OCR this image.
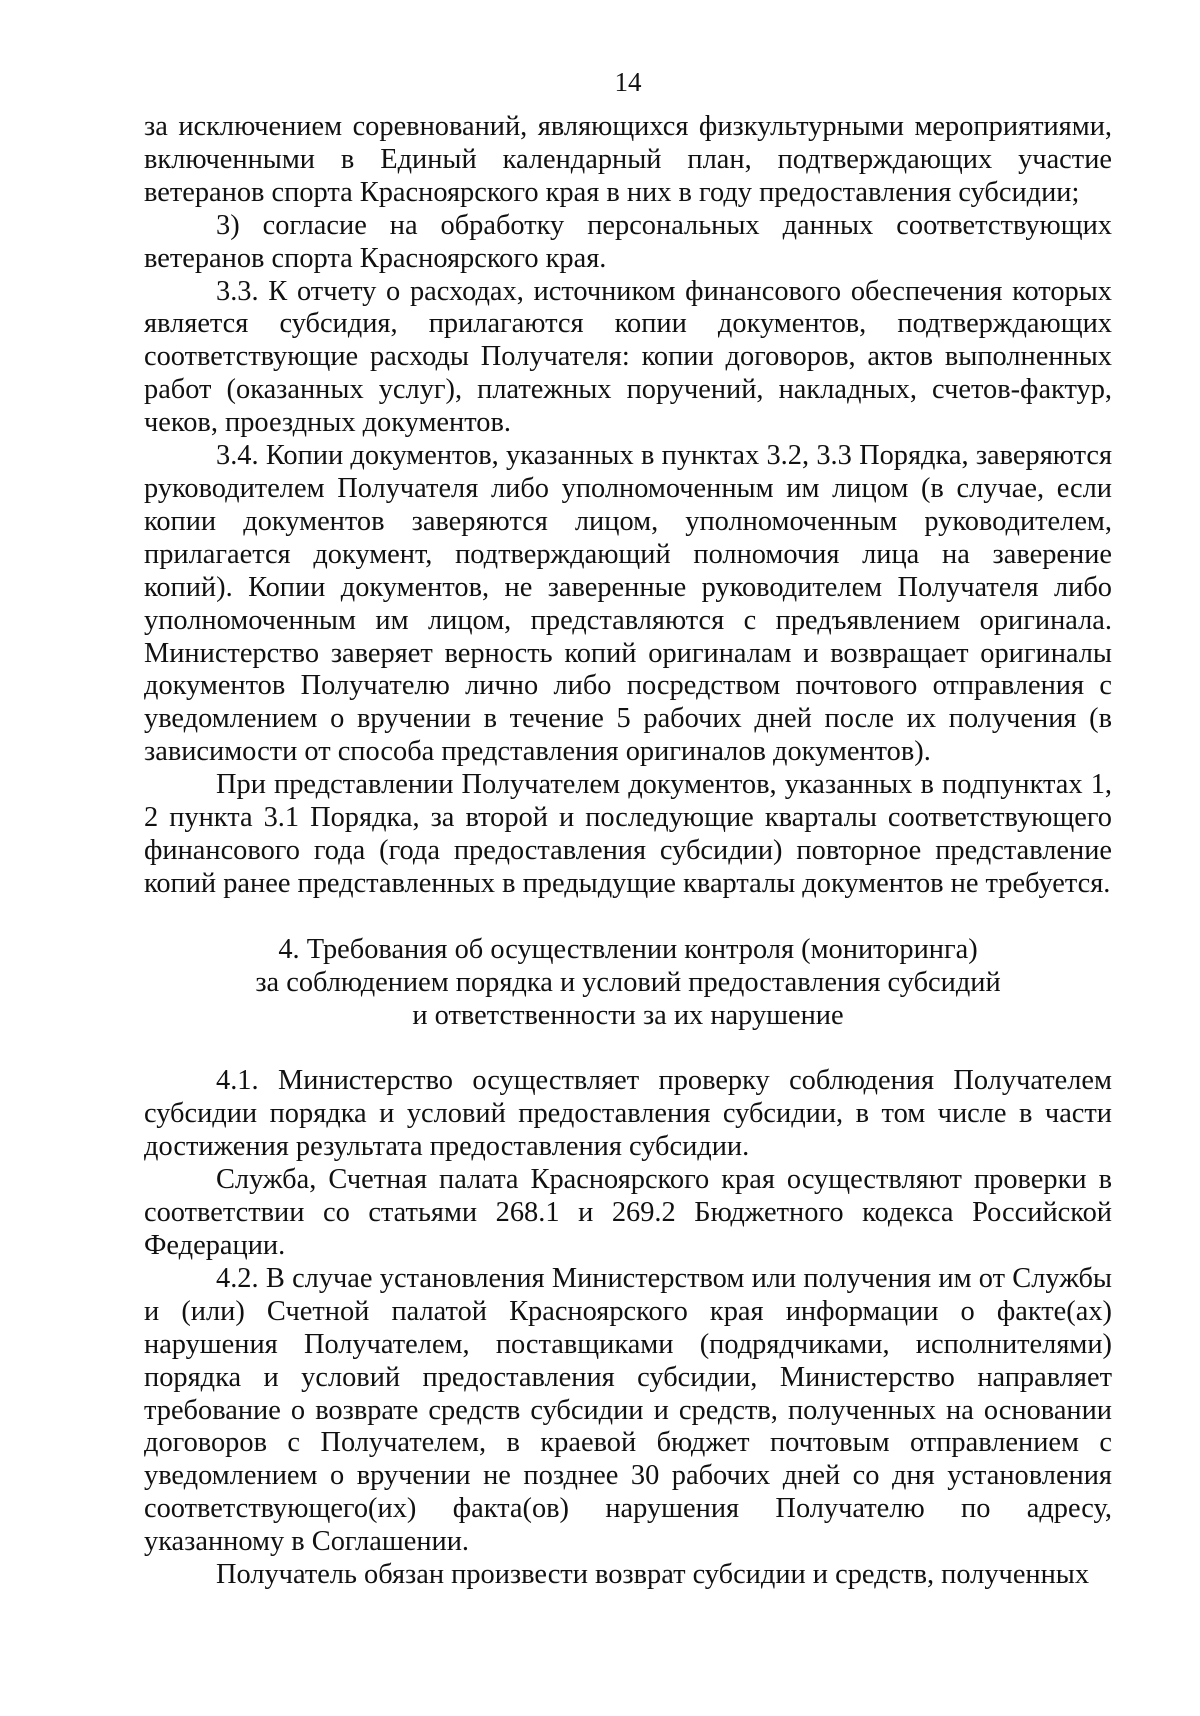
14

за исключением соревнований, являющихся физкультурными мероприятиями, включенными в Единый календарный план, подтверждающих участие ветеранов спорта Красноярского края в них в году предоставления субсидии;

3) согласие на обработку персональных данных соответствующих ветеранов спорта Красноярского края.

3.3. К отчету о расходах, источником финансового обеспечения которых является субсидия, прилагаются копии документов, подтверждающих соответствующие расходы Получателя: копии договоров, актов выполненных работ (оказанных услуг), платежных поручений, накладных, счетов-фактур, чеков, проездных документов.

3.4. Копии документов, указанных в пунктах 3.2, 3.3 Порядка, заверяются руководителем Получателя либо уполномоченным им лицом (в случае, если копии документов заверяются лицом, уполномоченным руководителем, прилагается документ, подтверждающий полномочия лица на заверение копий). Копии документов, не заверенные руководителем Получателя либо уполномоченным им лицом, представляются с предъявлением оригинала. Министерство заверяет верность копий оригиналам и возвращает оригиналы документов Получателю лично либо посредством почтового отправления с уведомлением о вручении в течение 5 рабочих дней после их получения (в зависимости от способа представления оригиналов документов).

При представлении Получателем документов, указанных в подпунктах 1, 2 пункта 3.1 Порядка, за второй и последующие кварталы соответствующего финансового года (года предоставления субсидии) повторное представление копий ранее представленных в предыдущие кварталы документов не требуется.

4. Требования об осуществлении контроля (мониторинга)
за соблюдением порядка и условий предоставления субсидий
и ответственности за их нарушение

4.1. Министерство осуществляет проверку соблюдения Получателем субсидии порядка и условий предоставления субсидии, в том числе в части достижения результата предоставления субсидии.

Служба, Счетная палата Красноярского края осуществляют проверки в соответствии со статьями 268.1 и 269.2 Бюджетного кодекса Российской Федерации.

4.2. В случае установления Министерством или получения им от Службы и (или) Счетной палатой Красноярского края информации о факте(ах) нарушения Получателем, поставщиками (подрядчиками, исполнителями) порядка и условий предоставления субсидии, Министерство направляет требование о возврате средств субсидии и средств, полученных на основании договоров с Получателем, в краевой бюджет почтовым отправлением с уведомлением о вручении не позднее 30 рабочих дней со дня установления соответствующего(их) факта(ов) нарушения Получателю по адресу, указанному в Соглашении.

Получатель обязан произвести возврат субсидии и средств, полученных
